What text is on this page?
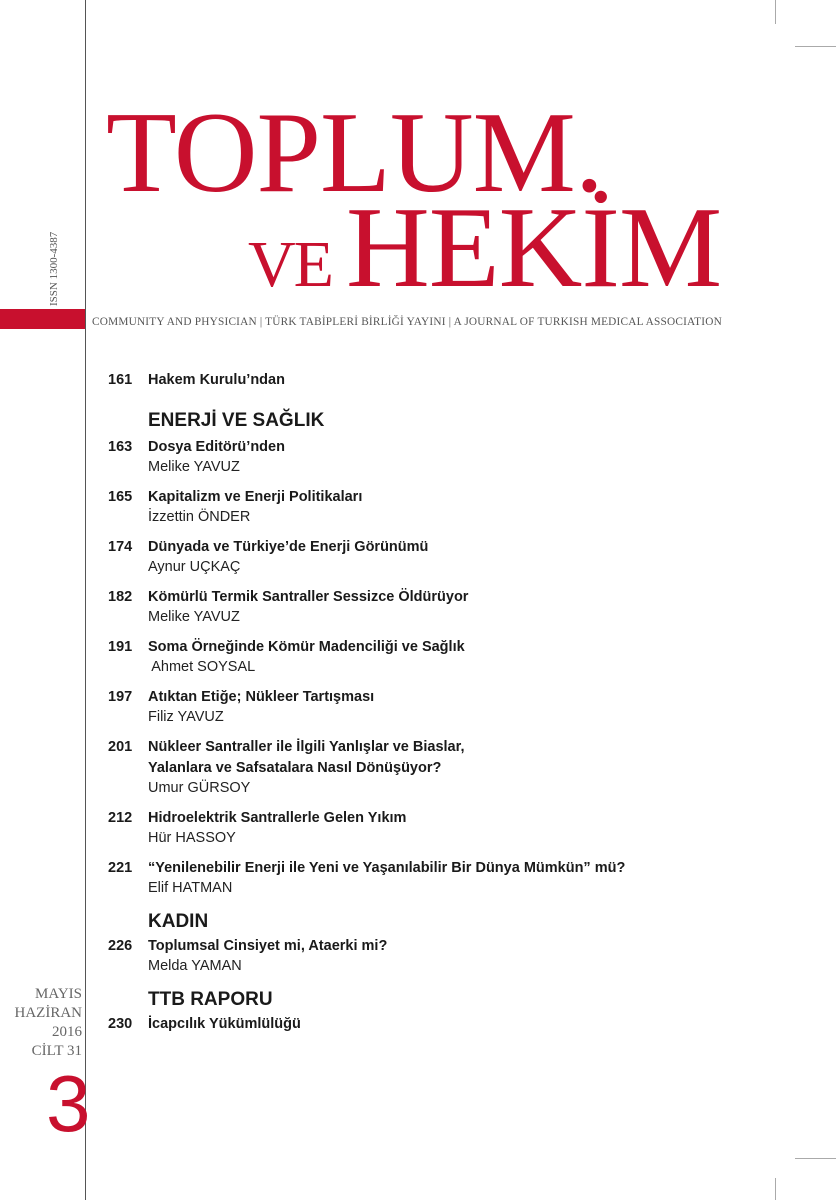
ISSN 1300-4387
TOPLUM.
VE HEKİM
COMMUNITY AND PHYSICIAN | TÜRK TABİPLERİ BİRLİĞİ YAYINI | A JOURNAL OF TURKISH MEDICAL ASSOCIATION
161	Hakem Kurulu’ndan
ENERJİ VE SAĞLIK
163	Dosya Editörü’nden
Melike YAVUZ
165	Kapitalizm ve Enerji Politikaları
İzzettin ÖNDER
174	Dünyada ve Türkiye’de Enerji Görünümü
Aynur UÇKAÇ
182	Kömürlü Termik Santraller Sessizce Öldürüyor
Melike YAVUZ
191	Soma Örneğinde Kömür Madenciliği ve Sağlık
Ahmet SOYSAL
197	Atıktan Etiğe; Nükleer Tartışması
Filiz YAVUZ
201	Nükleer Santraller ile İlgili Yanlışlar ve Biaslar,
Yalanlara ve Safsatalara Nasıl Dönüşüyor?
Umur GÜRSOY
212	Hidroelektrik Santrallerle Gelen Yıkım
Hür HASSOY
221	“Yenilenebilir Enerji ile Yeni ve Yaşanılabilir Bir Dünya Mümkün” mü?
Elif HATMAN
KADIN
226	Toplumsal Cinsiyet mi, Ataerki mi?
Melda YAMAN
TTB RAPORU
230	İcapcılık Yükümlülüğü
MAYIS
HAZİRAN
2016
CİLT 31
3
